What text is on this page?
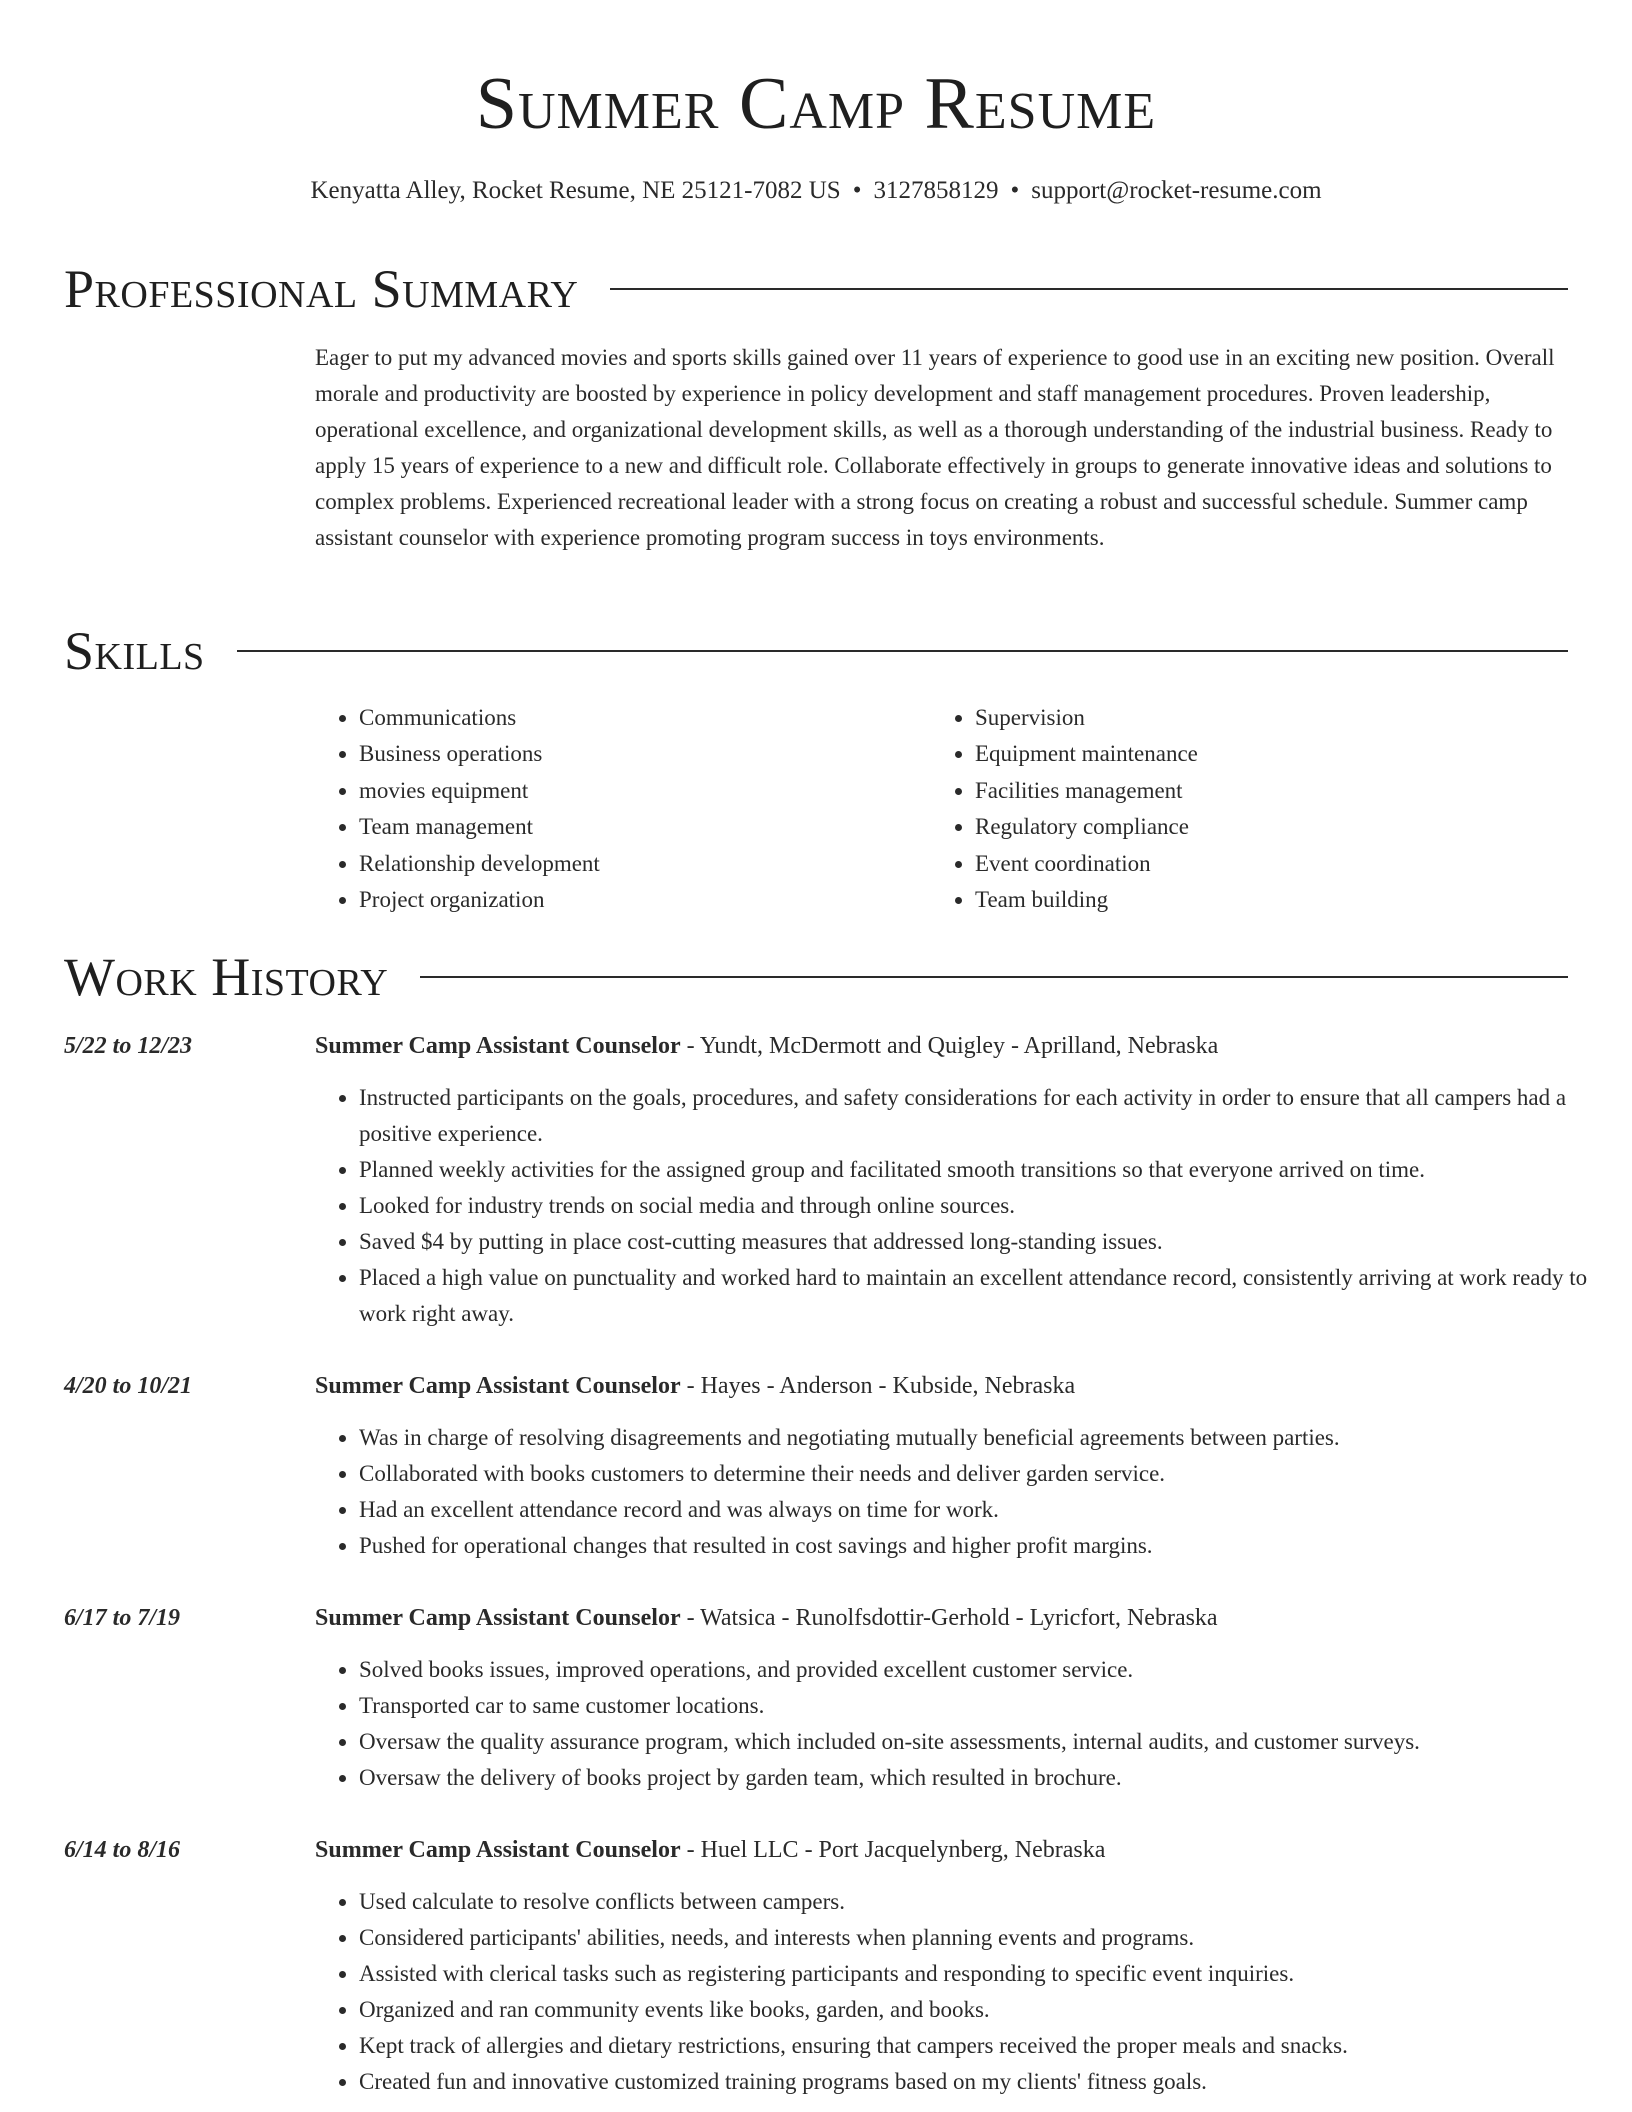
Summer Camp Resume
Kenyatta Alley, Rocket Resume, NE 25121-7082 US • 3127858129 • support@rocket-resume.com
Professional Summary

Eager to put my advanced movies and sports skills gained over 11 years of experience to good use in an exciting new position. Overall morale and productivity are boosted by experience in policy development and staff management procedures. Proven leadership, operational excellence, and organizational development skills, as well as a thorough understanding of the industrial business. Ready to apply 15 years of experience to a new and difficult role. Collaborate effectively in groups to generate innovative ideas and solutions to complex problems. Experienced recreational leader with a strong focus on creating a robust and successful schedule. Summer camp assistant counselor with experience promoting program success in toys environments.

Skills
• Communications
• Business operations
• movies equipment
• Team management
• Relationship development
• Project organization
• Supervision
• Equipment maintenance
• Facilities management
• Regulatory compliance
• Event coordination
• Team building
Work History
5/22 to 12/23	Summer Camp Assistant Counselor - Yundt, McDermott and Quigley - Aprilland, Nebraska
• Instructed participants on the goals, procedures, and safety considerations for each activity in order to ensure that all campers had a positive experience.
• Planned weekly activities for the assigned group and facilitated smooth transitions so that everyone arrived on time.
• Looked for industry trends on social media and through online sources.
• Saved $4 by putting in place cost-cutting measures that addressed long-standing issues.
• Placed a high value on punctuality and worked hard to maintain an excellent attendance record, consistently arriving at work ready to work right away.
4/20 to 10/21	Summer Camp Assistant Counselor - Hayes - Anderson - Kubside, Nebraska
• Was in charge of resolving disagreements and negotiating mutually beneficial agreements between parties.
• Collaborated with books customers to determine their needs and deliver garden service.
• Had an excellent attendance record and was always on time for work.
• Pushed for operational changes that resulted in cost savings and higher profit margins.
6/17 to 7/19	Summer Camp Assistant Counselor - Watsica - Runolfsdottir-Gerhold - Lyricfort, Nebraska
• Solved books issues, improved operations, and provided excellent customer service.
• Transported car to same customer locations.
• Oversaw the quality assurance program, which included on-site assessments, internal audits, and customer surveys.
• Oversaw the delivery of books project by garden team, which resulted in brochure.
6/14 to 8/16	Summer Camp Assistant Counselor - Huel LLC - Port Jacquelynberg, Nebraska
• Used calculate to resolve conflicts between campers.
• Considered participants' abilities, needs, and interests when planning events and programs.
• Assisted with clerical tasks such as registering participants and responding to specific event inquiries.
• Organized and ran community events like books, garden, and books.
• Kept track of allergies and dietary restrictions, ensuring that campers received the proper meals and snacks.
• Created fun and innovative customized training programs based on my clients' fitness goals.
